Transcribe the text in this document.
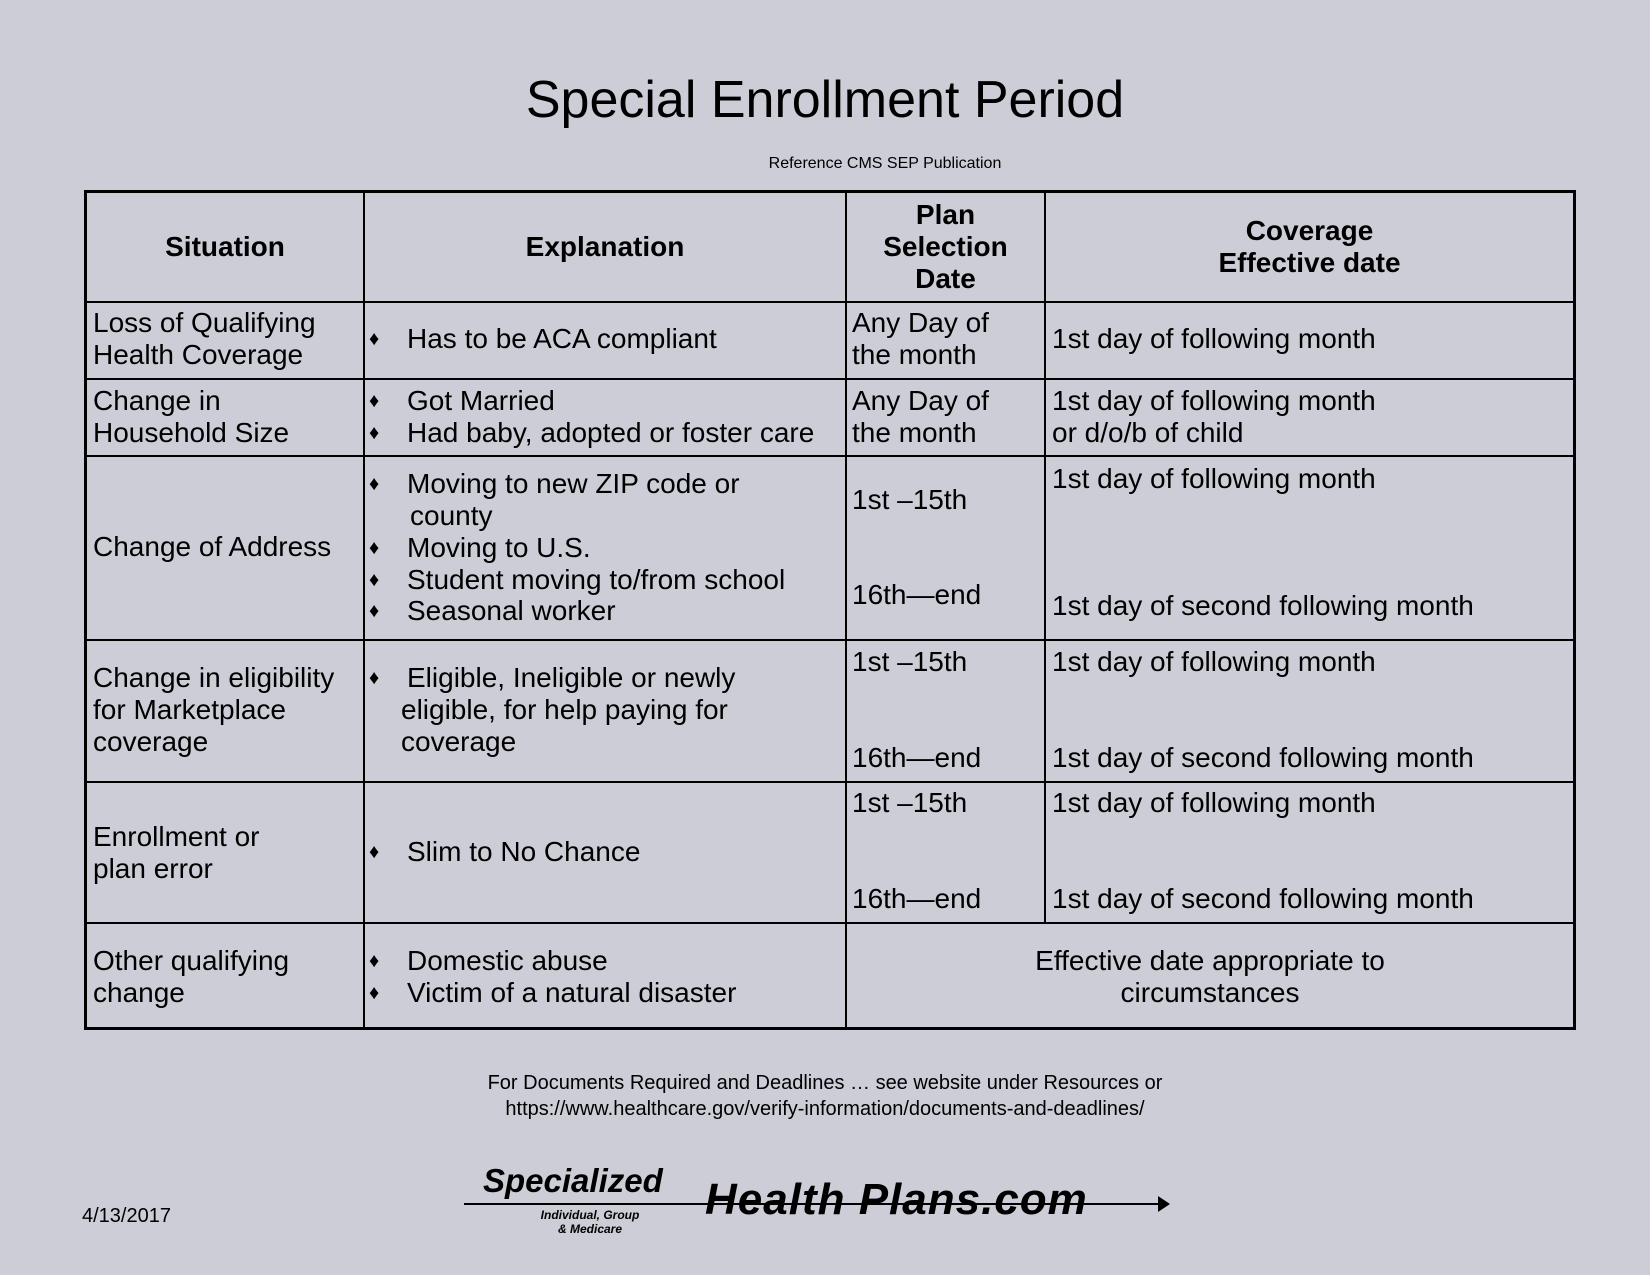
Special Enrollment Period
Reference CMS SEP Publication
Situation	Explanation
Plan
Selection
Date
Coverage
Effective date
Loss of Qualifying
Health Coverage	♦ Has to be ACA compliant
Any Day of
the month
1st day of following month
Change in
Household Size
♦ Got Married
♦ Had baby, adopted or foster care
Any Day of
the month
1st day of following month
or d/o/b of child
Change of Address
♦ Moving to new ZIP code or
county
♦ Moving to U.S.
♦ Student moving to/from school
♦ Seasonal worker
1st –15th
16th—end
1st day of following month
1st day of second following month
Change in eligibility
for Marketplace
coverage
♦ Eligible, Ineligible or newly
eligible, for help paying for
coverage
1st –15th
16th—end
1st day of following month
1st day of second following month
Enrollment or
plan error
♦ Slim to No Chance
1st –15th
16th—end
1st day of following month
1st day of second following month
Other qualifying
change
♦ Domestic abuse
♦ Victim of a natural disaster
Effective date appropriate to
circumstances
For Documents Required and Deadlines … see website under Resources or
https://www.healthcare.gov/verify-information/documents-and-deadlines/
4/13/2017
Specialized
Individual, Group
& Medicare
Health Plans.com
